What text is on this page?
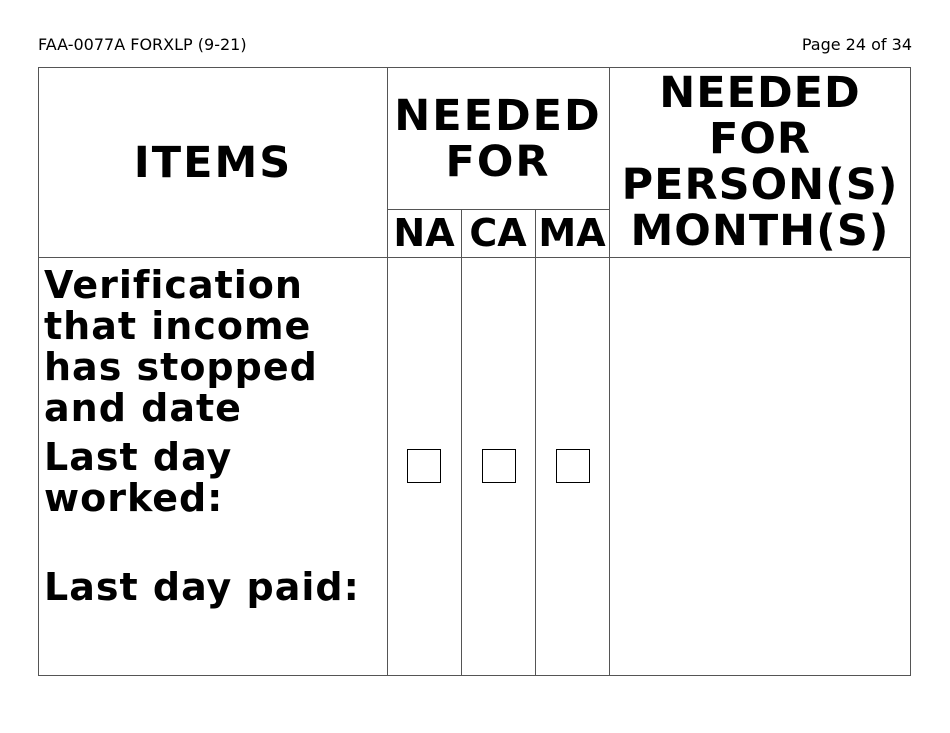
FAA-0077A FORXLP (9-21)	Page 24 of 34
ITEMS
NEEDED
FOR
NEEDED
FOR
PERSON(S)
MONTH(S)
NA CA MA
Verification
that income
has stopped
and date
Last day
worked:
Last day paid:
